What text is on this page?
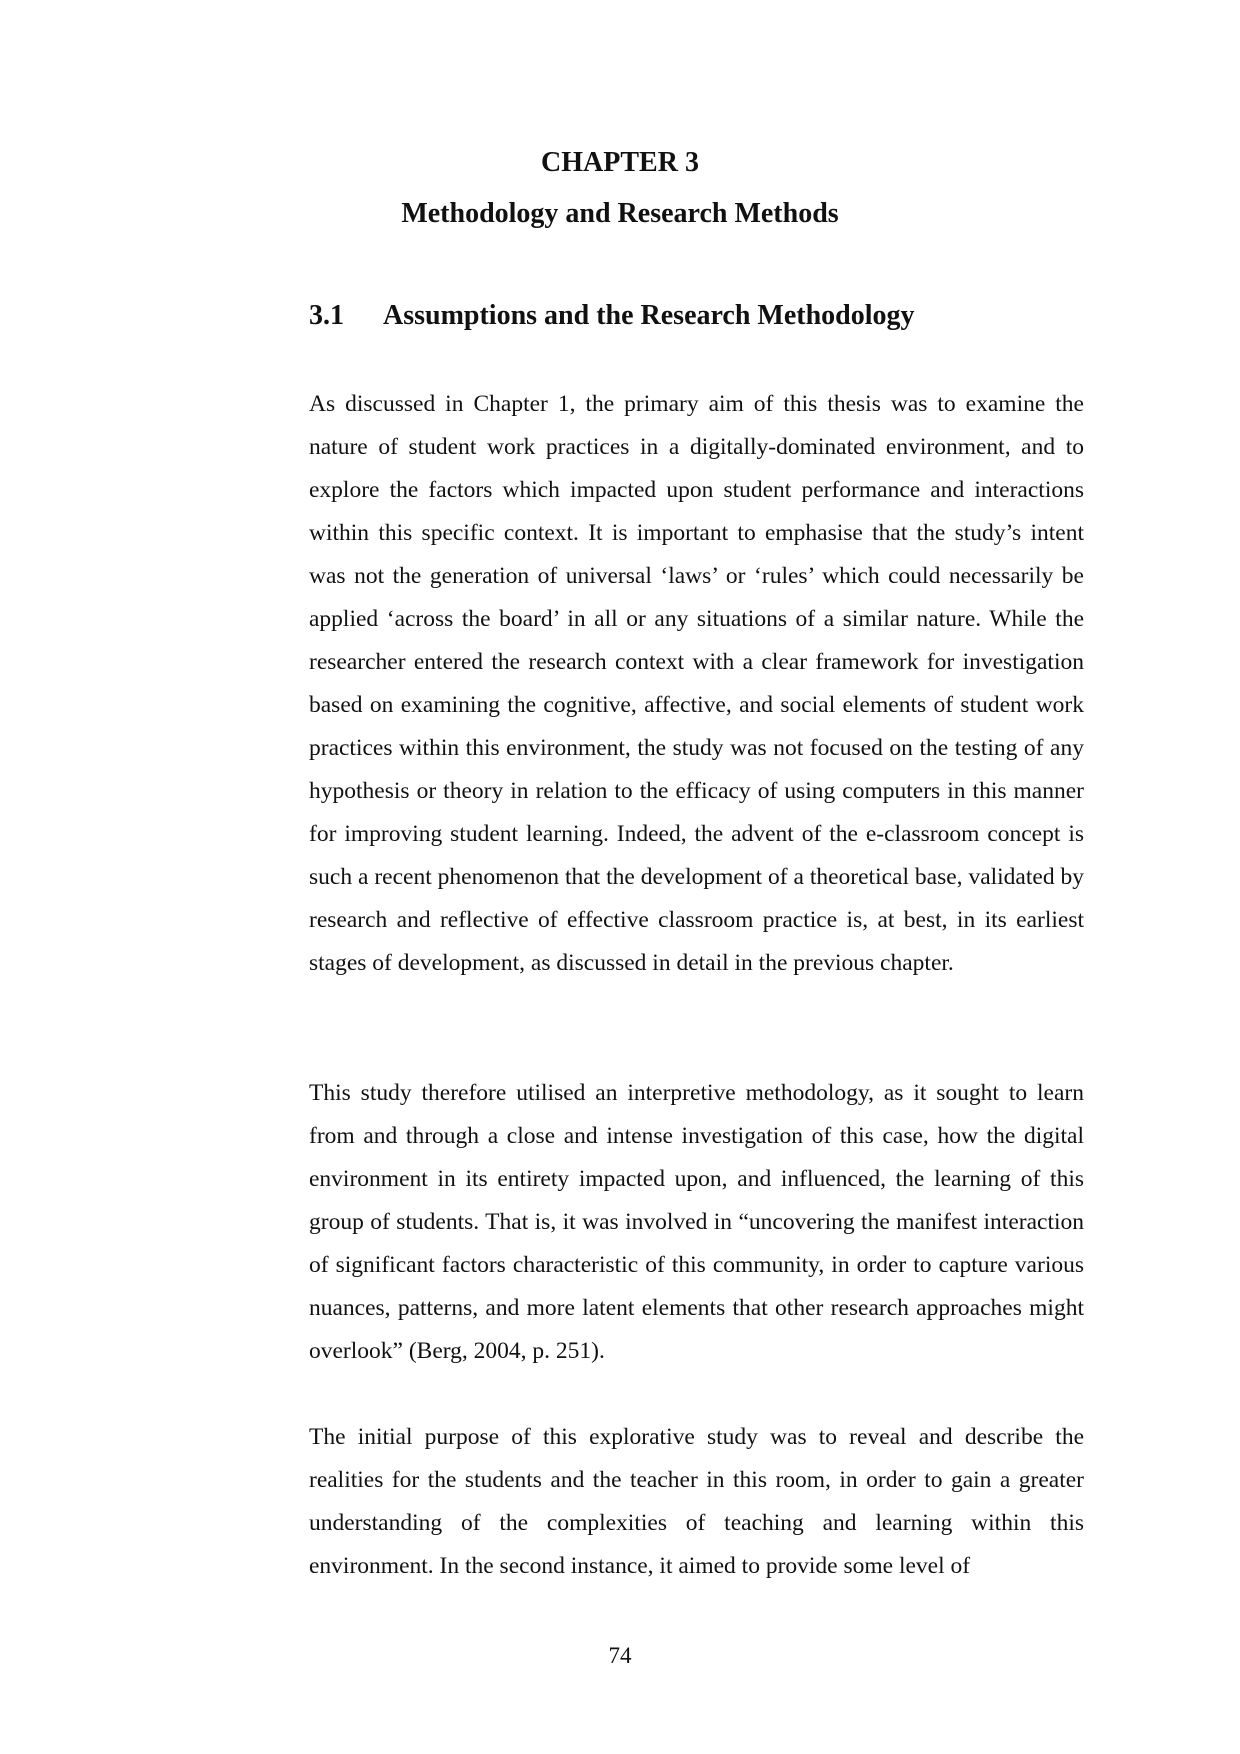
CHAPTER 3
Methodology and Research Methods
3.1 Assumptions and the Research Methodology

As discussed in Chapter 1, the primary aim of this thesis was to examine the nature of student work practices in a digitally-dominated environment, and to explore the factors which impacted upon student performance and interactions within this specific context. It is important to emphasise that the study’s intent was not the generation of universal ‘laws’ or ‘rules’ which could necessarily be applied ‘across the board’ in all or any situations of a similar nature. While the researcher entered the research context with a clear framework for investigation based on examining the cognitive, affective, and social elements of student work practices within this environment, the study was not focused on the testing of any hypothesis or theory in relation to the efficacy of using computers in this manner for improving student learning. Indeed, the advent of the e-classroom concept is such a recent phenomenon that the development of a theoretical base, validated by research and reflective of effective classroom practice is, at best, in its earliest stages of development, as discussed in detail in the previous chapter.

This study therefore utilised an interpretive methodology, as it sought to learn from and through a close and intense investigation of this case, how the digital environment in its entirety impacted upon, and influenced, the learning of this group of students. That is, it was involved in “uncovering the manifest interaction of significant factors characteristic of this community, in order to capture various nuances, patterns, and more latent elements that other research approaches might overlook” (Berg, 2004, p. 251).

The initial purpose of this explorative study was to reveal and describe the realities for the students and the teacher in this room, in order to gain a greater understanding of the complexities of teaching and learning within this environment. In the second instance, it aimed to provide some level of

74
